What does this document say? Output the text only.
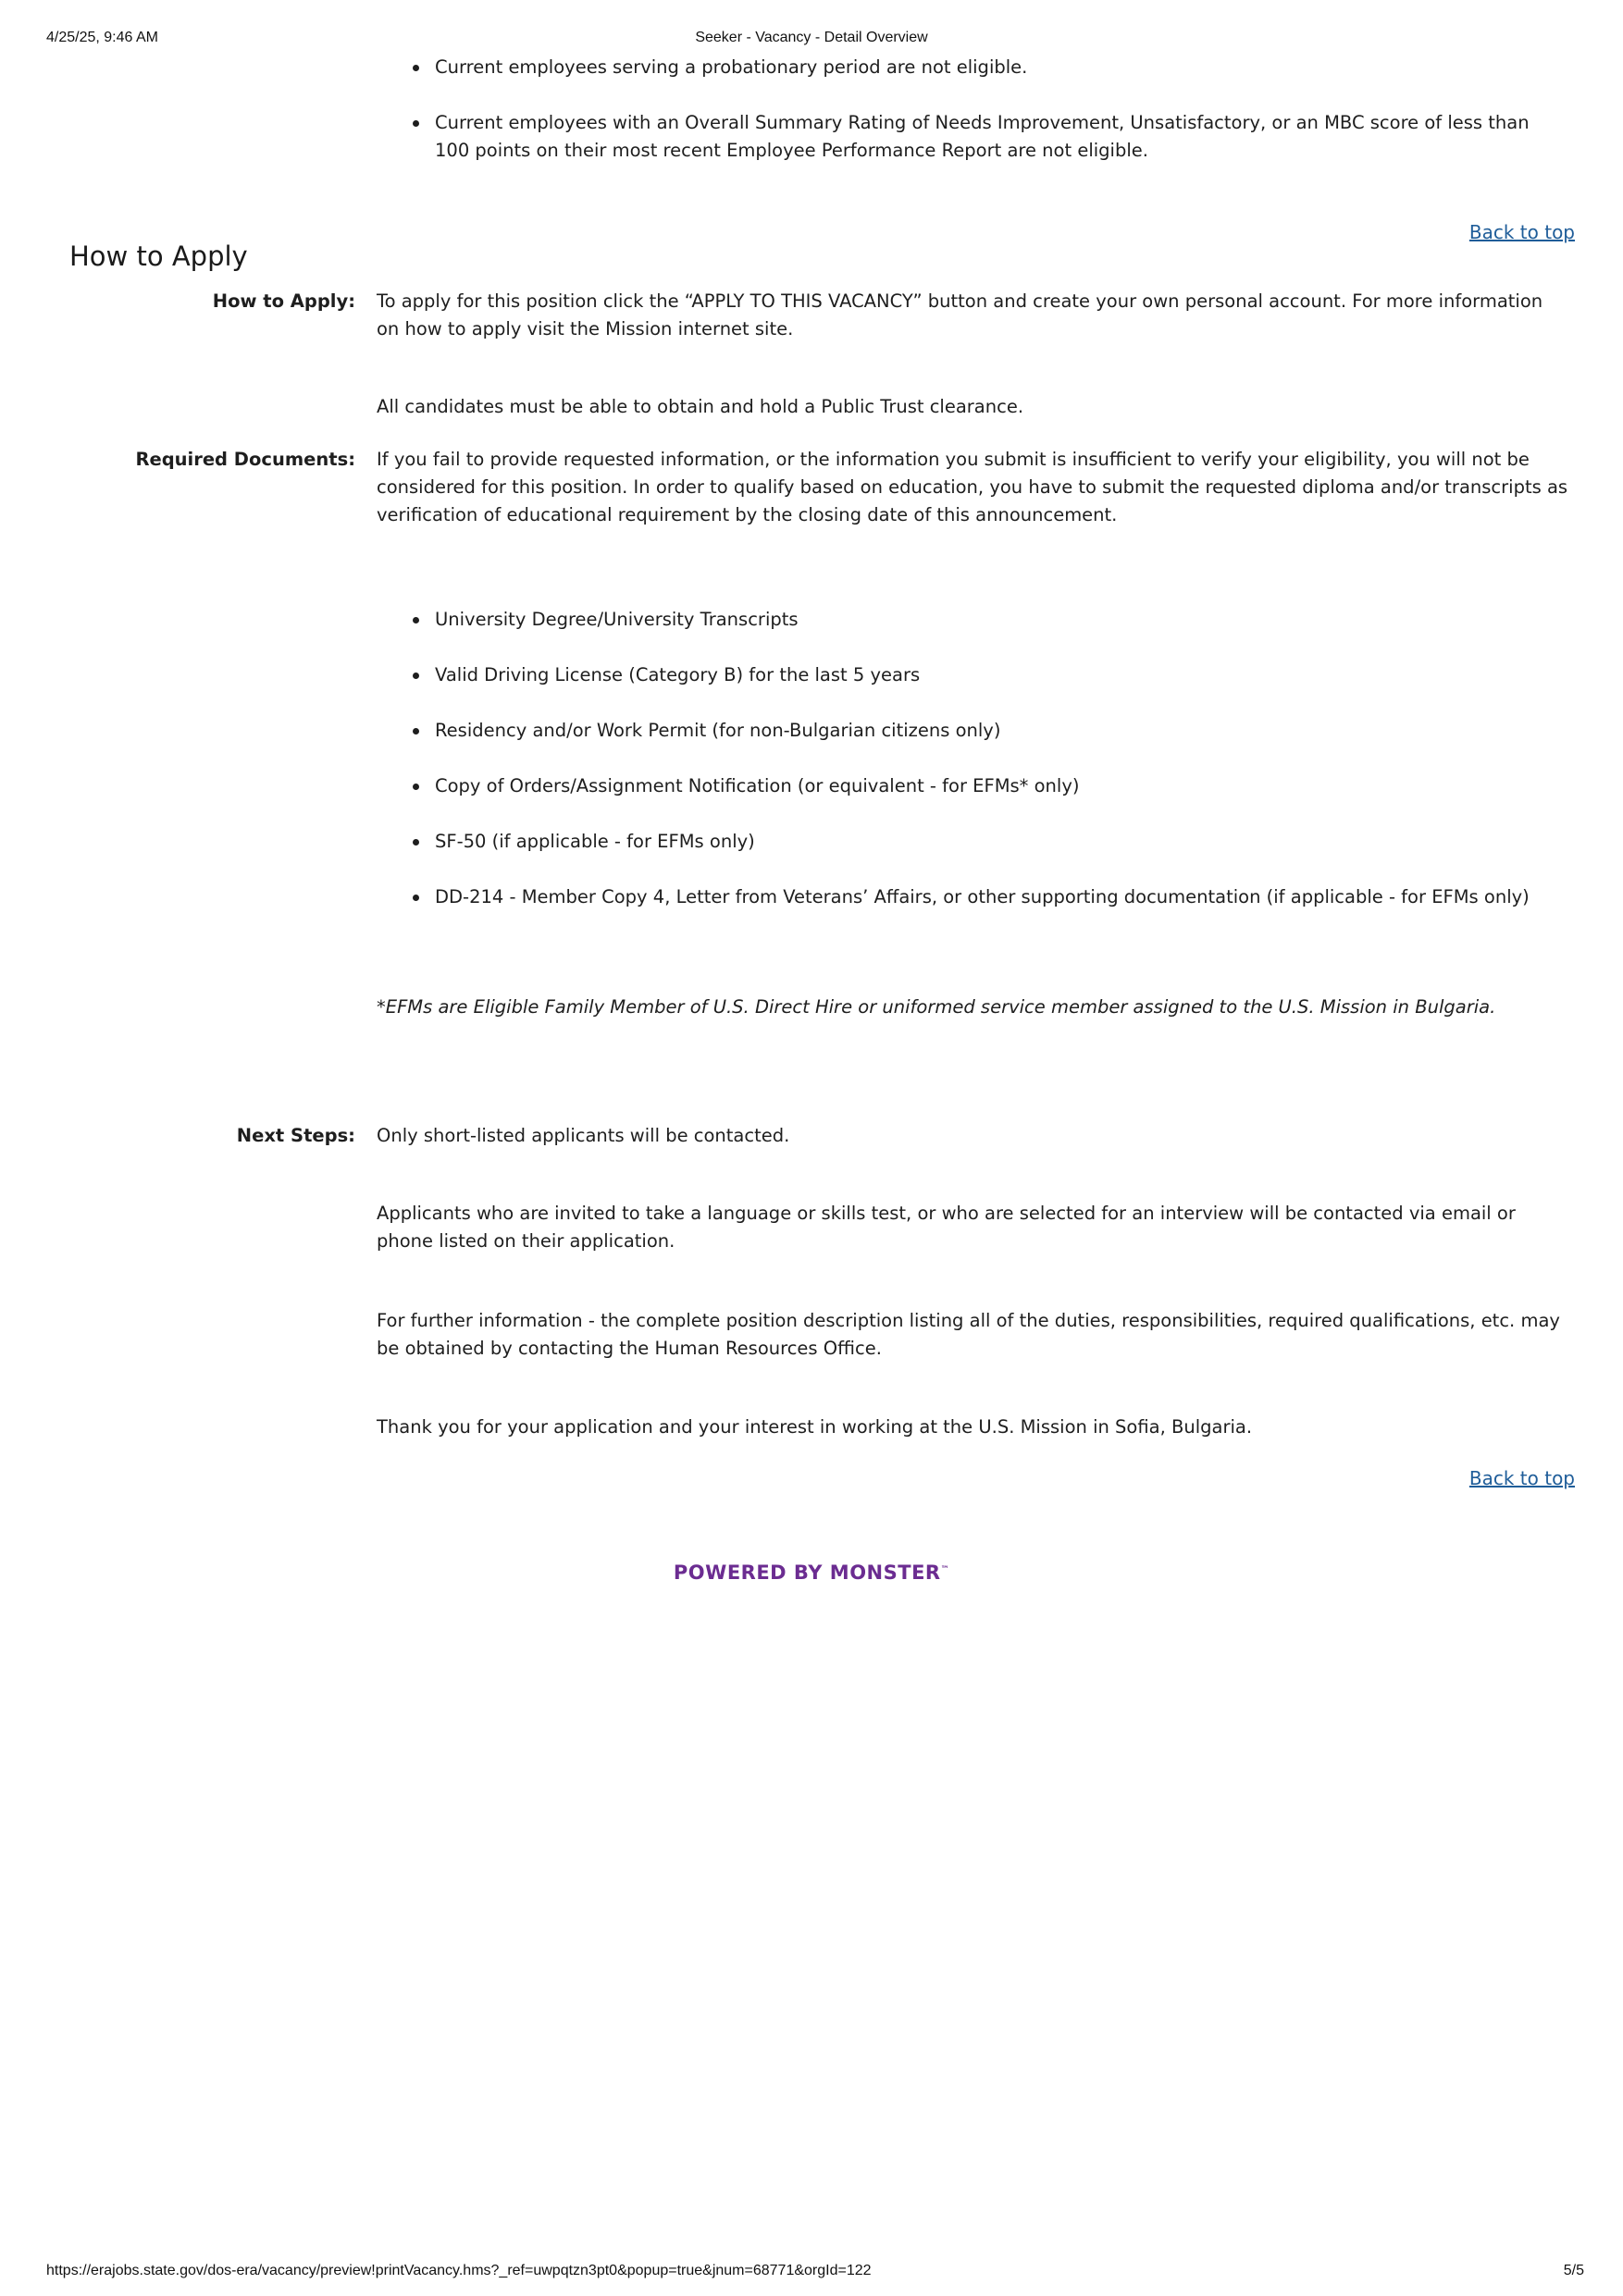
4/25/25, 9:46 AM	Seeker - Vacancy - Detail Overview
Current employees serving a probationary period are not eligible.
Current employees with an Overall Summary Rating of Needs Improvement, Unsatisfactory, or an MBC score of less than 100 points on their most recent Employee Performance Report are not eligible.
Back to top
How to Apply
How to Apply: To apply for this position click the “APPLY TO THIS VACANCY” button and create your own personal account. For more information on how to apply visit the Mission internet site.
All candidates must be able to obtain and hold a Public Trust clearance.
Required Documents: If you fail to provide requested information, or the information you submit is insufficient to verify your eligibility, you will not be considered for this position. In order to qualify based on education, you have to submit the requested diploma and/or transcripts as verification of educational requirement by the closing date of this announcement.
University Degree/University Transcripts
Valid Driving License (Category B) for the last 5 years
Residency and/or Work Permit (for non-Bulgarian citizens only)
Copy of Orders/Assignment Notification (or equivalent - for EFMs* only)
SF-50 (if applicable - for EFMs only)
DD-214 - Member Copy 4, Letter from Veterans’ Affairs, or other supporting documentation (if applicable - for EFMs only)
*EFMs are Eligible Family Member of U.S. Direct Hire or uniformed service member assigned to the U.S. Mission in Bulgaria.
Next Steps: Only short-listed applicants will be contacted.
Applicants who are invited to take a language or skills test, or who are selected for an interview will be contacted via email or phone listed on their application.
For further information - the complete position description listing all of the duties, responsibilities, required qualifications, etc. may be obtained by contacting the Human Resources Office.
Thank you for your application and your interest in working at the U.S. Mission in Sofia, Bulgaria.
Back to top
POWERED BY MONSTER™
https://erajobs.state.gov/dos-era/vacancy/preview!printVacancy.hms?_ref=uwpqtzn3pt0&popup=true&jnum=68771&orgId=122	5/5
